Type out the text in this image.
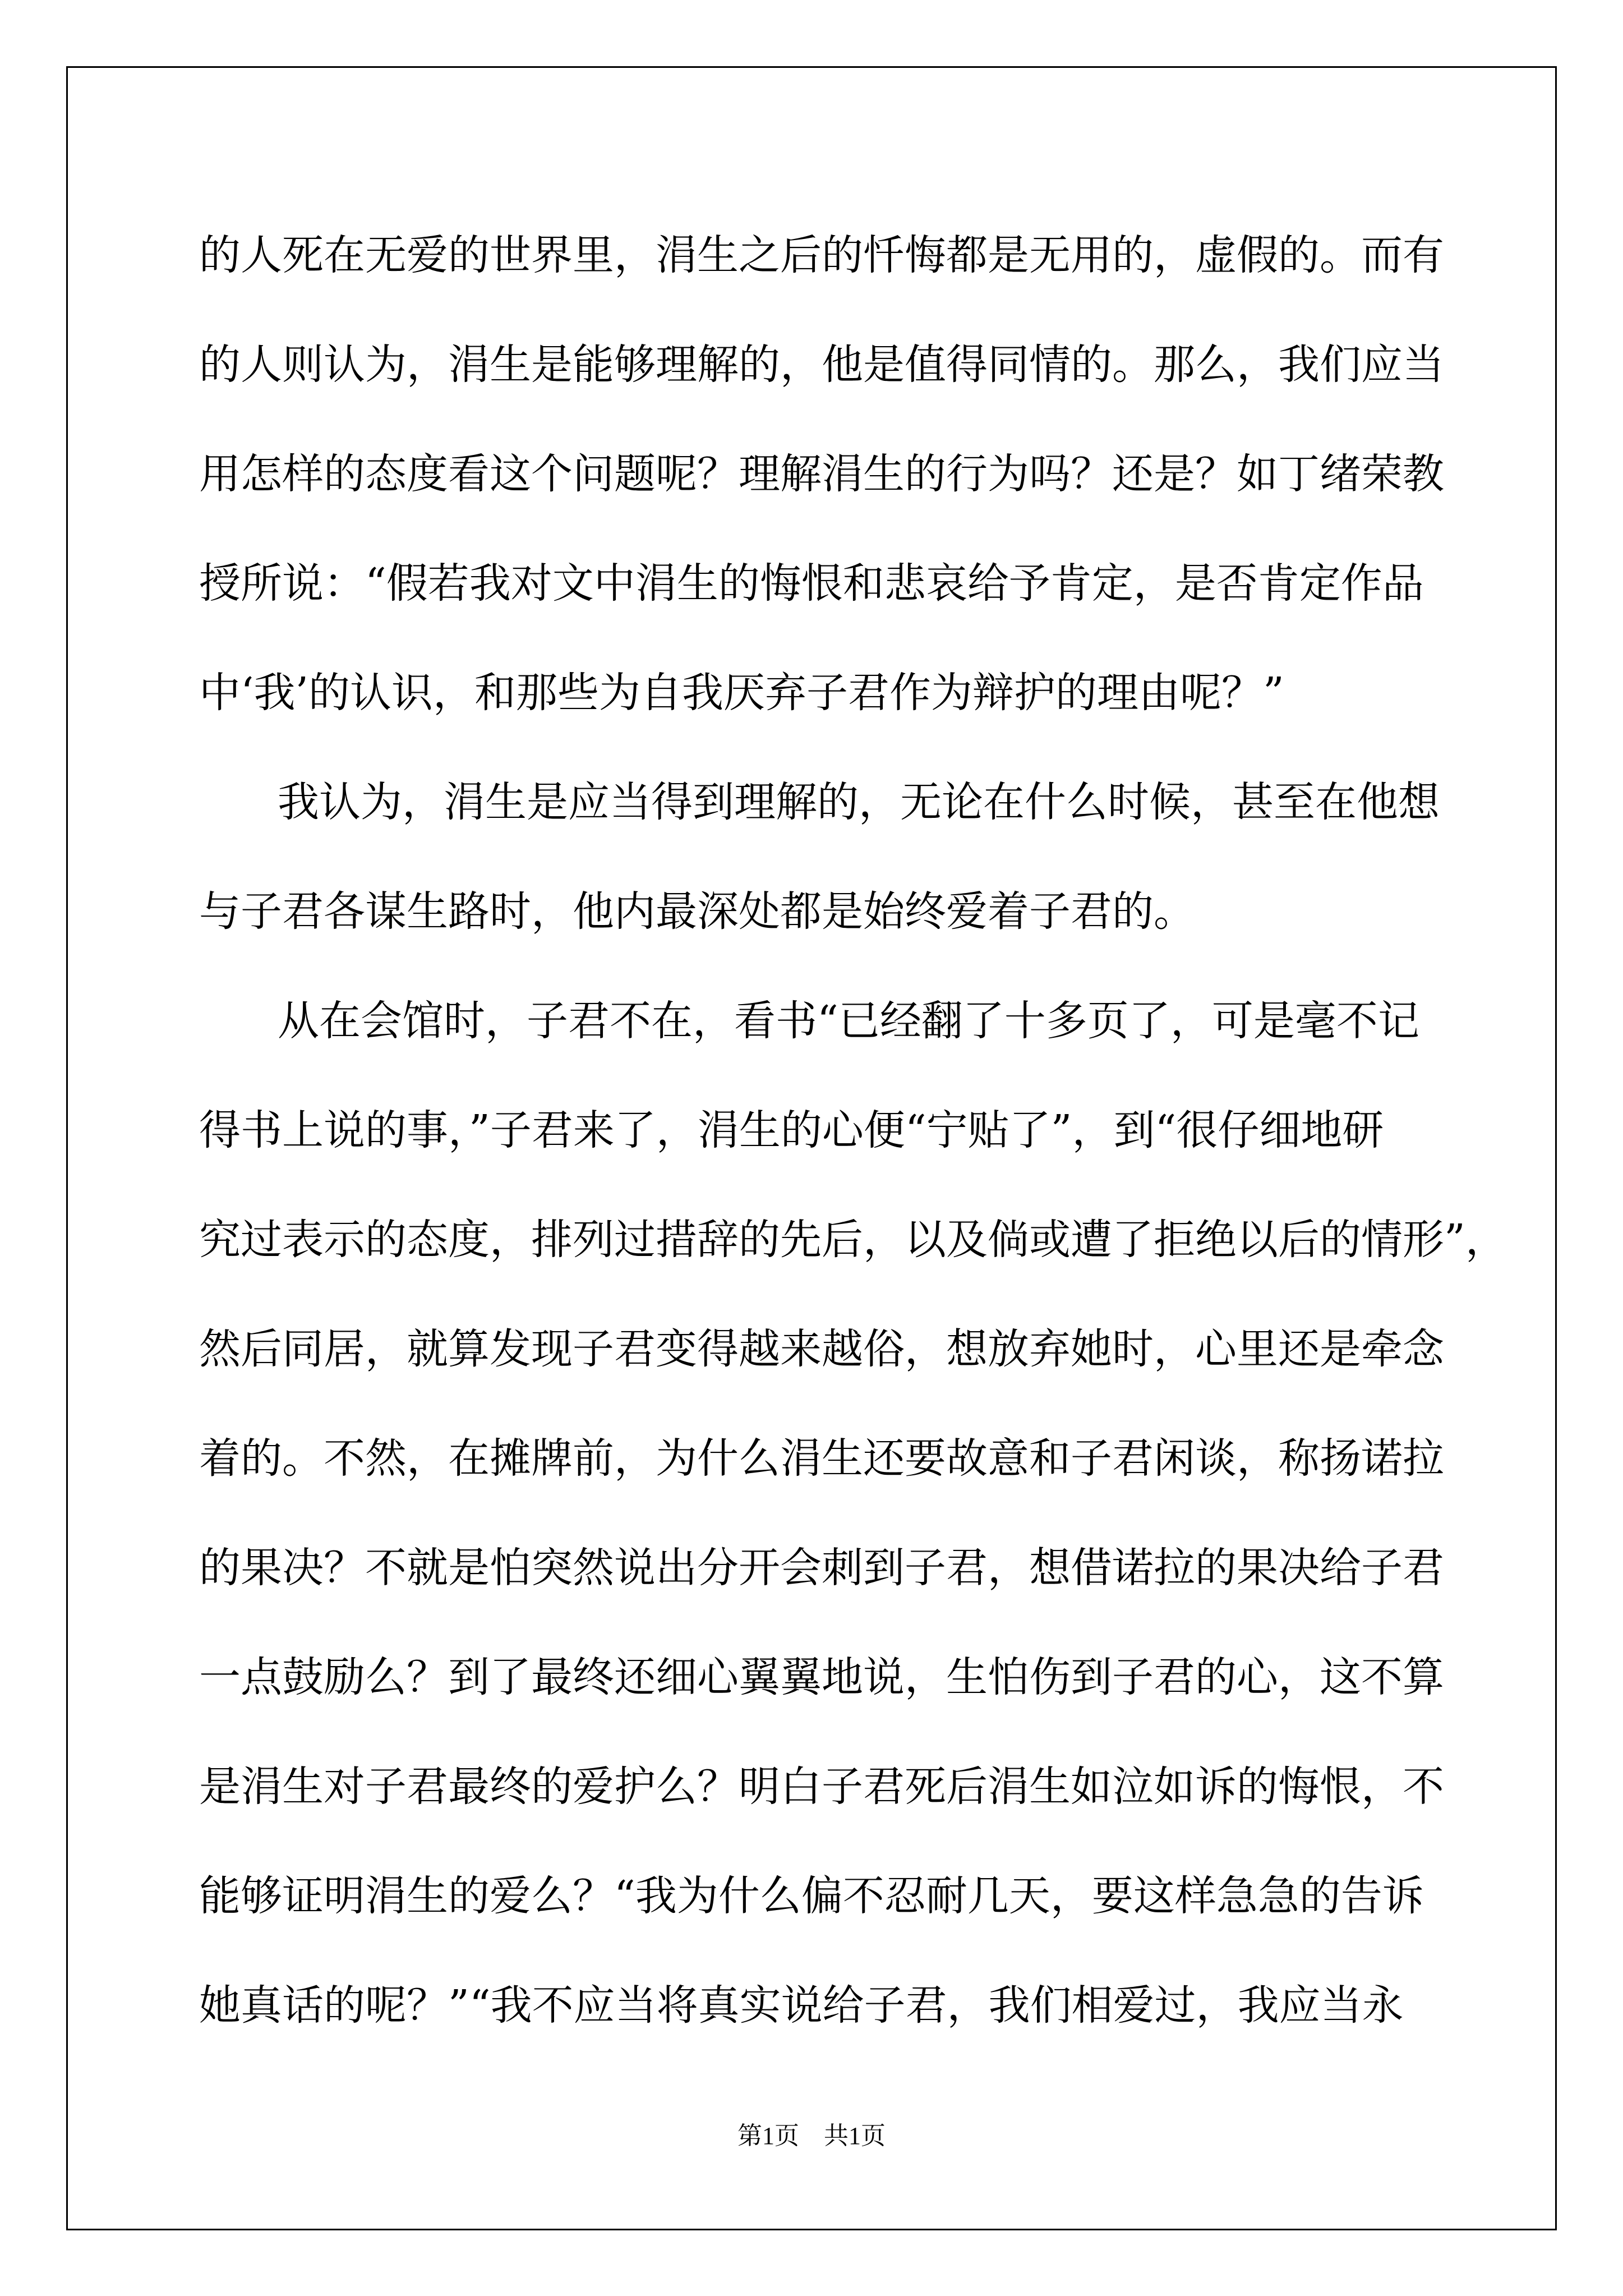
的人死在无爱的世界里，涓生之后的忏悔都是无用的，虚假的。而有

的人则认为，涓生是能够理解的，他是值得同情的。那么，我们应当

用怎样的态度看这个问题呢？理解涓生的行为吗？还是？如丁绪荣教

授所说：“假若我对文中涓生的悔恨和悲哀给予肯定，是否肯定作品

中‘我’的认识，和那些为自我厌弃子君作为辩护的理由呢？”

我认为，涓生是应当得到理解的，无论在什么时候，甚至在他想

与子君各谋生路时，他内最深处都是始终爱着子君的。

从在会馆时，子君不在，看书“已经翻了十多页了，可是毫不记

得书上说的事，”子君来了，涓生的心便“宁贴了”，到“很仔细地研

究过表示的态度，排列过措辞的先后，以及倘或遭了拒绝以后的情形”，

然后同居，就算发现子君变得越来越俗，想放弃她时，心里还是牵念

着的。不然，在摊牌前，为什么涓生还要故意和子君闲谈，称扬诺拉

的果决？不就是怕突然说出分开会刺到子君，想借诺拉的果决给子君

一点鼓励么？到了最终还细心翼翼地说，生怕伤到子君的心，这不算

是涓生对子君最终的爱护么？明白子君死后涓生如泣如诉的悔恨，不

能够证明涓生的爱么？“我为什么偏不忍耐几天，要这样急急的告诉

她真话的呢？”“我不应当将真实说给子君，我们相爱过，我应当永

第1页　共1页
